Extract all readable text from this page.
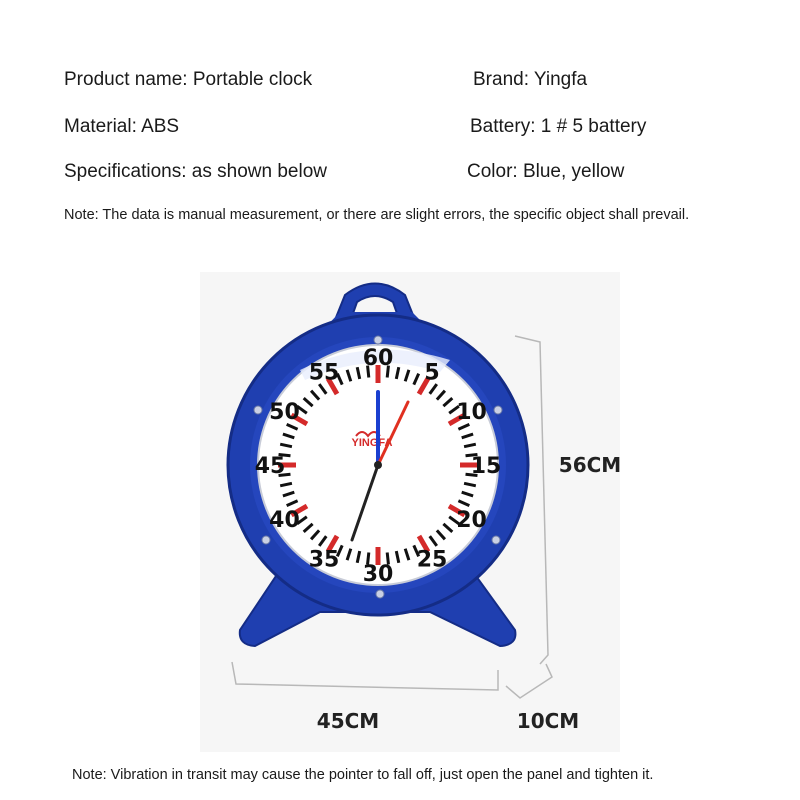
Product name: Portable clock	Brand: Yingfa
Material: ABS	Battery: 1 # 5 battery
Specifications: as shown below	Color: Blue, yellow
Note: The data is manual measurement, or there are slight errors, the specific object shall prevail.
60
5
10
15
20
25
30
35
40
45
50
55
YINGFA
56CM
45CM	10CM
Note: Vibration in transit may cause the pointer to fall off, just open the panel and tighten it.
